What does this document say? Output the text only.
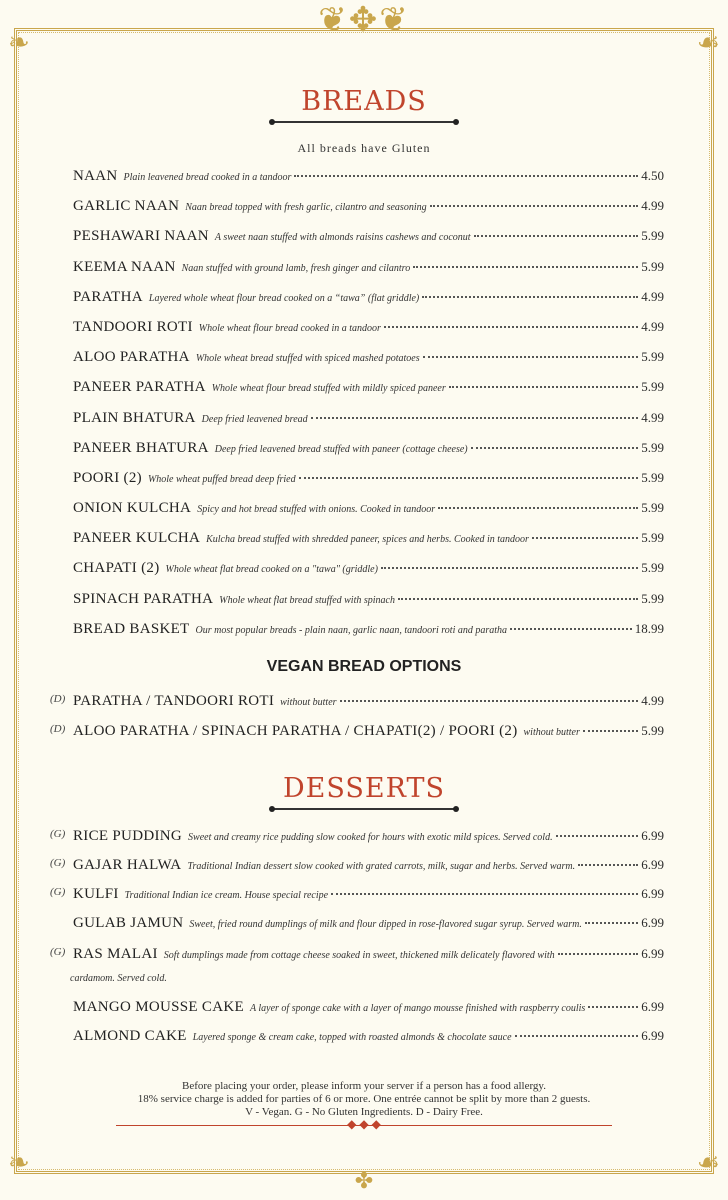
❦✥❦
❧	☙
❧	☙
✤
BREADS
All breads have Gluten
NAAN Plain leavened bread cooked in a tandoor	4.50
GARLIC NAAN Naan bread topped with fresh garlic, cilantro and seasoning	4.99
PESHAWARI NAAN A sweet naan stuffed with almonds raisins cashews and coconut	5.99
KEEMA NAAN Naan stuffed with ground lamb, fresh ginger and cilantro	5.99
PARATHA Layered whole wheat flour bread cooked on a “tawa” (flat griddle)	4.99
TANDOORI ROTI Whole wheat flour bread cooked in a tandoor	4.99
ALOO PARATHA Whole wheat bread stuffed with spiced mashed potatoes	5.99
PANEER PARATHA Whole wheat flour bread stuffed with mildly spiced paneer	5.99
PLAIN BHATURA Deep fried leavened bread	4.99
PANEER BHATURA Deep fried leavened bread stuffed with paneer (cottage cheese)	5.99
POORI (2) Whole wheat puffed bread deep fried	5.99
ONION KULCHA Spicy and hot bread stuffed with onions. Cooked in tandoor	5.99
PANEER KULCHA Kulcha bread stuffed with shredded paneer, spices and herbs. Cooked in tandoor	5.99
CHAPATI (2) Whole wheat flat bread cooked on a "tawa" (griddle)	5.99
SPINACH PARATHA Whole wheat flat bread stuffed with spinach	5.99
BREAD BASKET Our most popular breads - plain naan, garlic naan, tandoori roti and paratha	18.99
VEGAN BREAD OPTIONS
(D) PARATHA / TANDOORI ROTI without butter	4.99
(D) ALOO PARATHA / SPINACH PARATHA / CHAPATI(2) / POORI (2) without butter	5.99
DESSERTS
(G) RICE PUDDING Sweet and creamy rice pudding slow cooked for hours with exotic mild spices. Served cold.	6.99
(G) GAJAR HALWA Traditional Indian dessert slow cooked with grated carrots, milk, sugar and herbs. Served warm.	6.99
(G) KULFI Traditional Indian ice cream. House special recipe	6.99
GULAB JAMUN Sweet, fried round dumplings of milk and flour dipped in rose-flavored sugar syrup. Served warm.	6.99
(G) RAS MALAI Soft dumplings made from cottage cheese soaked in sweet, thickened milk delicately flavored with	6.99
cardamom. Served cold.
MANGO MOUSSE CAKE A layer of sponge cake with a layer of mango mousse finished with raspberry coulis	6.99
ALMOND CAKE Layered sponge & cream cake, topped with roasted almonds & chocolate sauce	6.99
Before placing your order, please inform your server if a person has a food allergy.
18% service charge is added for parties of 6 or more. One entrée cannot be split by more than 2 guests.
V - Vegan. G - No Gluten Ingredients. D - Dairy Free.
◆ ◆ ◆
